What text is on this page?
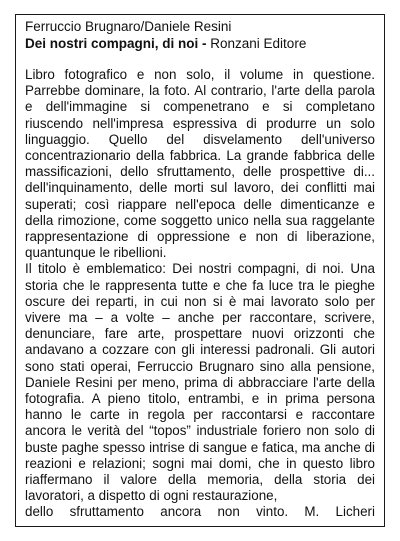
Ferruccio Brugnaro/Daniele Resini
Dei nostri compagni, di noi - Ronzani Editore

Libro fotografico e non solo, il volume in questione. Parrebbe dominare, la foto. Al contrario, l'arte della parola e dell'immagine si compenetrano e si completano riuscendo nell'impresa espressiva di produrre un solo linguaggio. Quello del disvelamento dell'universo concentrazionario della fabbrica. La grande fabbrica delle massificazioni, dello sfruttamento, delle prospettive di... dell'inquinamento, delle morti sul lavoro, dei conflitti mai superati; così riappare nell'epoca delle dimenticanze e della rimozione, come soggetto unico nella sua raggelante rappresentazione di oppressione e non di liberazione, quantunque le ribellioni.

Il titolo è emblematico: Dei nostri compagni, di noi. Una storia che le rappresenta tutte e che fa luce tra le pieghe oscure dei reparti, in cui non si è mai lavorato solo per vivere ma – a volte – anche per raccontare, scrivere, denunciare, fare arte, prospettare nuovi orizzonti che andavano a cozzare con gli interessi padronali. Gli autori sono stati operai, Ferruccio Brugnaro sino alla pensione, Daniele Resini per meno, prima di abbracciare l'arte della fotografia. A pieno titolo, entrambi, e in prima persona hanno le carte in regola per raccontarsi e raccontare ancora le verità del “topos” industriale foriero non solo di buste paghe spesso intrise di sangue e fatica, ma anche di reazioni e relazioni; sogni mai domi, che in questo libro riaffermano il valore della memoria, della storia dei lavoratori, a dispetto di ogni restaurazione,

dello sfruttamento ancora non vinto. M. Licheri
